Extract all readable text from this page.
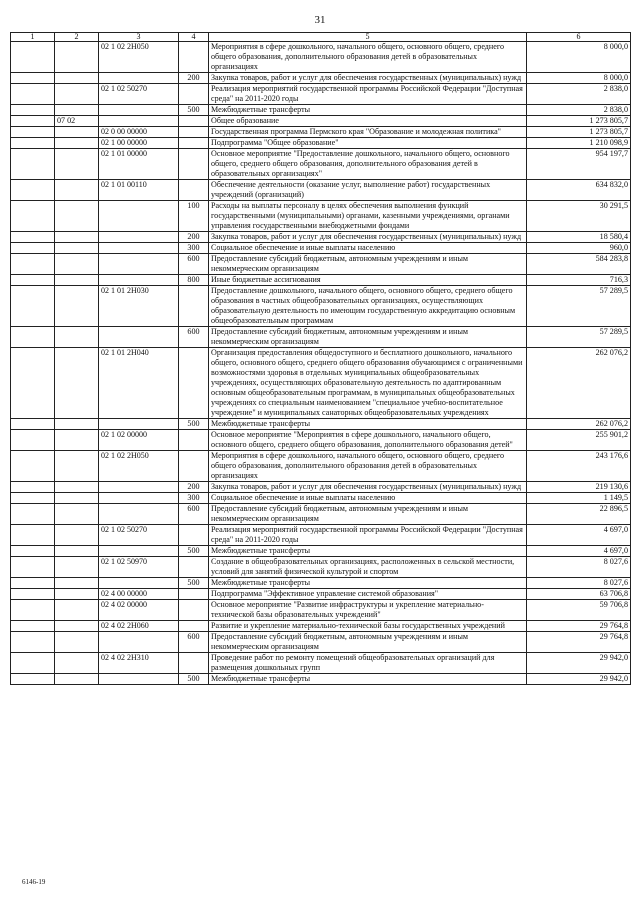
31
1	2	3	4	5	6
		02 1 02 2Н050		Мероприятия в сфере дошкольного, начального общего, основного общего, среднего общего образования, дополнительного образования детей в образовательных организациях	8 000,0
			200	Закупка товаров, работ и услуг для обеспечения государственных (муниципальных) нужд	8 000,0
		02 1 02 50270		Реализация мероприятий государственной программы Российской Федерации "Доступная среда" на 2011-2020 годы	2 838,0
			500	Межбюджетные трансферты	2 838,0
	07 02			Общее образование	1 273 805,7
		02 0 00 00000		Государственная программа Пермского края "Образование и молодежная политика"	1 273 805,7
		02 1 00 00000		Подпрограмма "Общее образование"	1 210 098,9
		02 1 01 00000		Основное мероприятие "Предоставление дошкольного, начального общего, основного общего, среднего общего образования, дополнительного образования детей в образовательных организациях"	954 197,7
		02 1 01 00110		Обеспечение деятельности (оказание услуг, выполнение работ) государственных учреждений (организаций)	634 832,0
			100	Расходы на выплаты персоналу в целях обеспечения выполнения функций государственными (муниципальными) органами, казенными учреждениями, органами управления государственными внебюджетными фондами	30 291,5
			200	Закупка товаров, работ и услуг для обеспечения государственных (муниципальных) нужд	18 580,4
			300	Социальное обеспечение и иные выплаты населению	960,0
			600	Предоставление субсидий бюджетным, автономным учреждениям и иным некоммерческим организациям	584 283,8
			800	Иные бюджетные ассигнования	716,3
		02 1 01 2Н030		Предоставление дошкольного, начального общего, основного общего, среднего общего образования в частных общеобразовательных организациях, осуществляющих образовательную деятельность по имеющим государственную аккредитацию основным общеобразовательным программам	57 289,5
			600	Предоставление субсидий бюджетным, автономным учреждениям и иным некоммерческим организациям	57 289,5
		02 1 01 2Н040		Организация предоставления общедоступного и бесплатного дошкольного, начального общего, основного общего, среднего общего образования обучающимся с ограниченными возможностями здоровья в отдельных муниципальных общеобразовательных учреждениях, осуществляющих образовательную деятельность по адаптированным основным общеобразовательным программам, в муниципальных общеобразовательных учреждениях со специальным наименованием "специальное учебно-воспитательное учреждение" и муниципальных санаторных общеобразовательных учреждениях	262 076,2
			500	Межбюджетные трансферты	262 076,2
		02 1 02 00000		Основное мероприятие "Мероприятия в сфере дошкольного, начального общего, основного общего, среднего общего образования, дополнительного образования детей"	255 901,2
		02 1 02 2Н050		Мероприятия в сфере дошкольного, начального общего, основного общего, среднего общего образования, дополнительного образования детей в образовательных организациях	243 176,6
			200	Закупка товаров, работ и услуг для обеспечения государственных (муниципальных) нужд	219 130,6
			300	Социальное обеспечение и иные выплаты населению	1 149,5
			600	Предоставление субсидий бюджетным, автономным учреждениям и иным некоммерческим организациям	22 896,5
		02 1 02 50270		Реализация мероприятий государственной программы Российской Федерации "Доступная среда" на 2011-2020 годы	4 697,0
			500	Межбюджетные трансферты	4 697,0
		02 1 02 50970		Создание в общеобразовательных организациях, расположенных в сельской местности, условий для занятий физической культурой и спортом	8 027,6
			500	Межбюджетные трансферты	8 027,6
		02 4 00 00000		Подпрограмма "Эффективное управление системой образования"	63 706,8
		02 4 02 00000		Основное мероприятие "Развитие инфраструктуры и укрепление материально-технической базы образовательных учреждений"	59 706,8
		02 4 02 2Н060		Развитие и укрепление материально-технической базы государственных учреждений	29 764,8
			600	Предоставление субсидий бюджетным, автономным учреждениям и иным некоммерческим организациям	29 764,8
		02 4 02 2Н310		Проведение работ по ремонту помещений общеобразовательных организаций для размещения дошкольных групп	29 942,0
			500	Межбюджетные трансферты	29 942,0
6146-19
